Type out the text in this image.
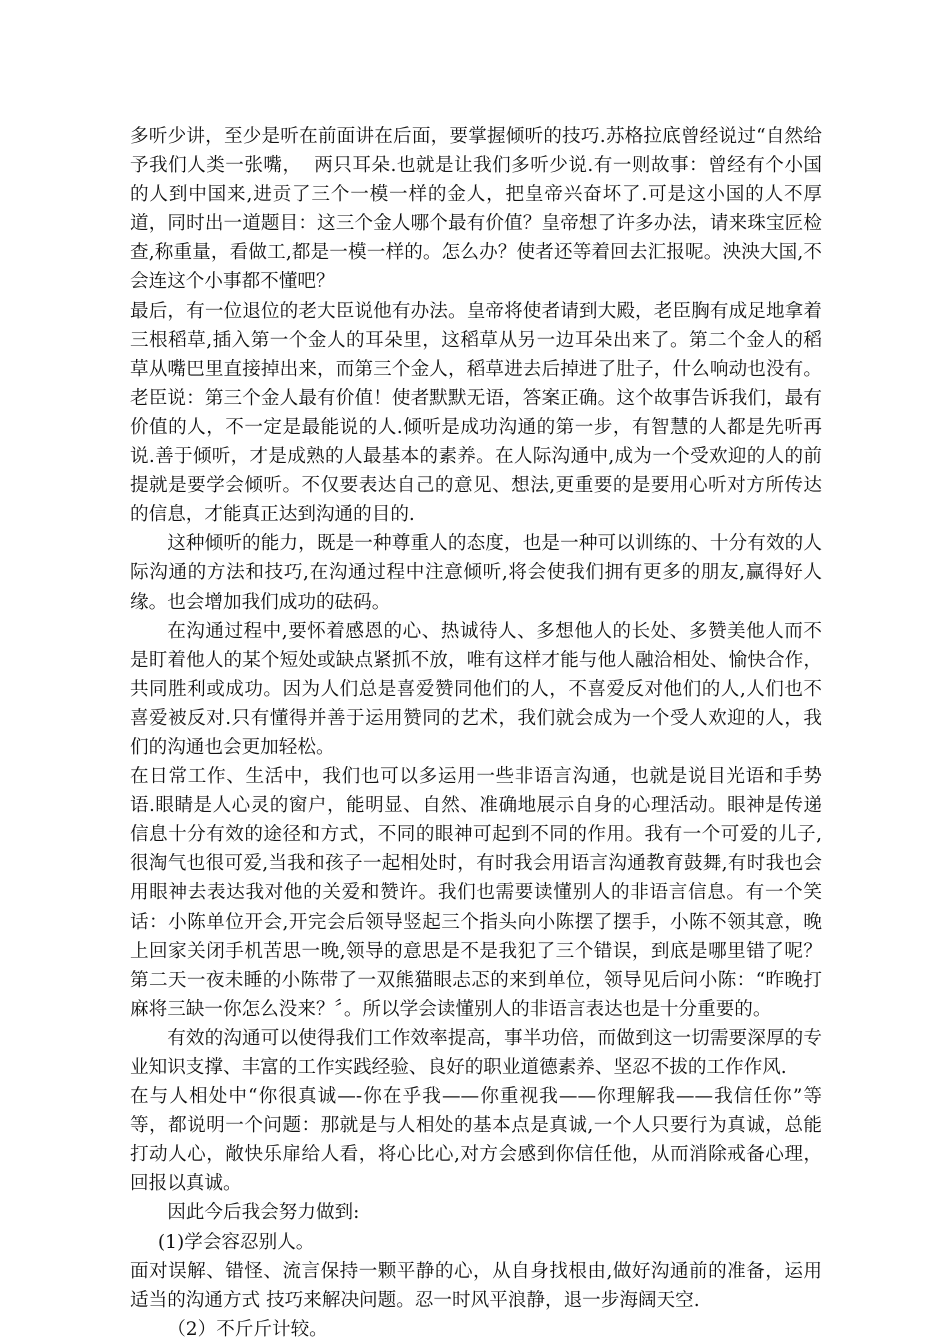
多听少讲，至少是听在前面讲在后面，要掌握倾听的技巧.苏格拉底曾经说过“自然给予我们人类一张嘴，  两只耳朵.也就是让我们多听少说.有一则故事：曾经有个小国的人到中国来,进贡了三个一模一样的金人，把皇帝兴奋坏了.可是这小国的人不厚道，同时出一道题目：这三个金人哪个最有价值？皇帝想了许多办法，请来珠宝匠检查,称重量，看做工,都是一模一样的。怎么办？使者还等着回去汇报呢。泱泱大国,不会连这个小事都不懂吧？

最后，有一位退位的老大臣说他有办法。皇帝将使者请到大殿，老臣胸有成足地拿着三根稻草,插入第一个金人的耳朵里，这稻草从另一边耳朵出来了。第二个金人的稻草从嘴巴里直接掉出来，而第三个金人，稻草进去后掉进了肚子，什么响动也没有。老臣说：第三个金人最有价值！使者默默无语，答案正确。这个故事告诉我们，最有价值的人，不一定是最能说的人.倾听是成功沟通的第一步，有智慧的人都是先听再说.善于倾听，才是成熟的人最基本的素养。在人际沟通中,成为一个受欢迎的人的前提就是要学会倾听。不仅要表达自己的意见、想法,更重要的是要用心听对方所传达的信息，才能真正达到沟通的目的.

这种倾听的能力，既是一种尊重人的态度，也是一种可以训练的、十分有效的人际沟通的方法和技巧,在沟通过程中注意倾听,将会使我们拥有更多的朋友,赢得好人缘。也会增加我们成功的砝码。

在沟通过程中,要怀着感恩的心、热诚待人、多想他人的长处、多赞美他人而不是盯着他人的某个短处或缺点紧抓不放，唯有这样才能与他人融洽相处、愉快合作，共同胜利或成功。因为人们总是喜爱赞同他们的人，不喜爱反对他们的人,人们也不喜爱被反对.只有懂得并善于运用赞同的艺术，我们就会成为一个受人欢迎的人，我们的沟通也会更加轻松。

在日常工作、生活中，我们也可以多运用一些非语言沟通，也就是说目光语和手势语.眼睛是人心灵的窗户，能明显、自然、准确地展示自身的心理活动。眼神是传递信息十分有效的途径和方式，不同的眼神可起到不同的作用。我有一个可爱的儿子,很淘气也很可爱,当我和孩子一起相处时，有时我会用语言沟通教育鼓舞,有时我也会用眼神去表达我对他的关爱和赞许。我们也需要读懂别人的非语言信息。有一个笑话：小陈单位开会,开完会后领导竖起三个指头向小陈摆了摆手，小陈不领其意，晚上回家关闭手机苦思一晚,领导的意思是不是我犯了三个错误，到底是哪里错了呢？第二天一夜未睡的小陈带了一双熊猫眼忐忑的来到单位，领导见后问小陈：“昨晚打麻将三缺一你怎么没来？〞。所以学会读懂别人的非语言表达也是十分重要的。

有效的沟通可以使得我们工作效率提高，事半功倍，而做到这一切需要深厚的专业知识支撑、丰富的工作实践经验、良好的职业道德素养、坚忍不拔的工作作风.

在与人相处中“你很真诚—-你在乎我——你重视我——你理解我——我信任你”等等，都说明一个问题：那就是与人相处的基本点是真诚,一个人只要行为真诚，总能打动人心，敞快乐扉给人看，将心比心,对方会感到你信任他，从而消除戒备心理，回报以真诚。

因此今后我会努力做到:

(1)学会容忍别人。

面对误解、错怪、流言保持一颗平静的心，从自身找根由,做好沟通前的准备，运用适当的沟通方式 技巧来解决问题。忍一时风平浪静，退一步海阔天空.

（2）不斤斤计较。
